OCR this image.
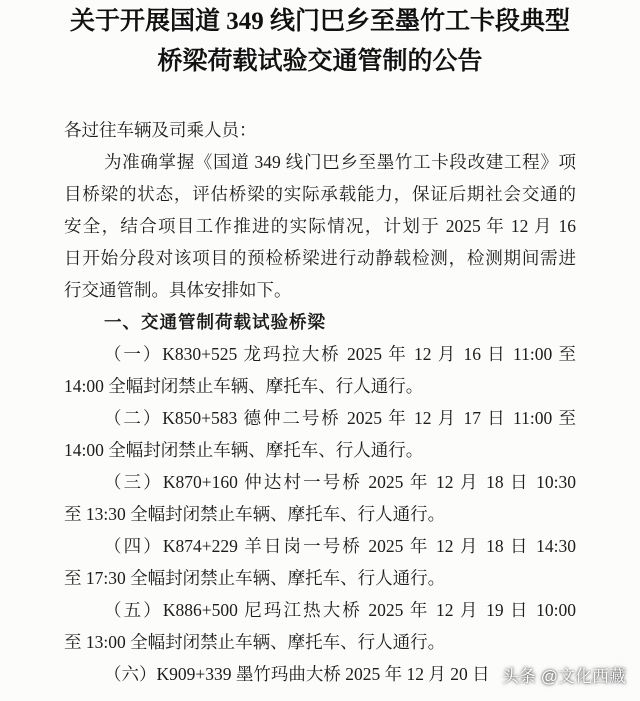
关于开展国道 349 线门巴乡至墨竹工卡段典型
桥梁荷载试验交通管制的公告
各过往车辆及司乘人员：
为准确掌握《国道 349 线门巴乡至墨竹工卡段改建工程》项
目桥梁的状态，评估桥梁的实际承载能力，保证后期社会交通的
安全，结合项目工作推进的实际情况，计划于 2025 年 12 月 16
日开始分段对该项目的预检桥梁进行动静载检测，检测期间需进
行交通管制。具体安排如下。
一、交通管制荷载试验桥梁
（一）K830+525 龙玛拉大桥 2025 年 12 月 16 日 11:00 至
14:00 全幅封闭禁止车辆、摩托车、行人通行。
（二）K850+583 德仲二号桥 2025 年 12 月 17 日 11:00 至
14:00 全幅封闭禁止车辆、摩托车、行人通行。
（三）K870+160 仲达村一号桥 2025 年 12 月 18 日 10:30
至 13:30 全幅封闭禁止车辆、摩托车、行人通行。
（四）K874+229 羊日岗一号桥 2025 年 12 月 18 日 14:30
至 17:30 全幅封闭禁止车辆、摩托车、行人通行。
（五）K886+500 尼玛江热大桥 2025 年 12 月 19 日 10:00
至 13:00 全幅封闭禁止车辆、摩托车、行人通行。
（六）K909+339 墨竹玛曲大桥 2025 年 12 月 20 日 头条 @文化西藏
